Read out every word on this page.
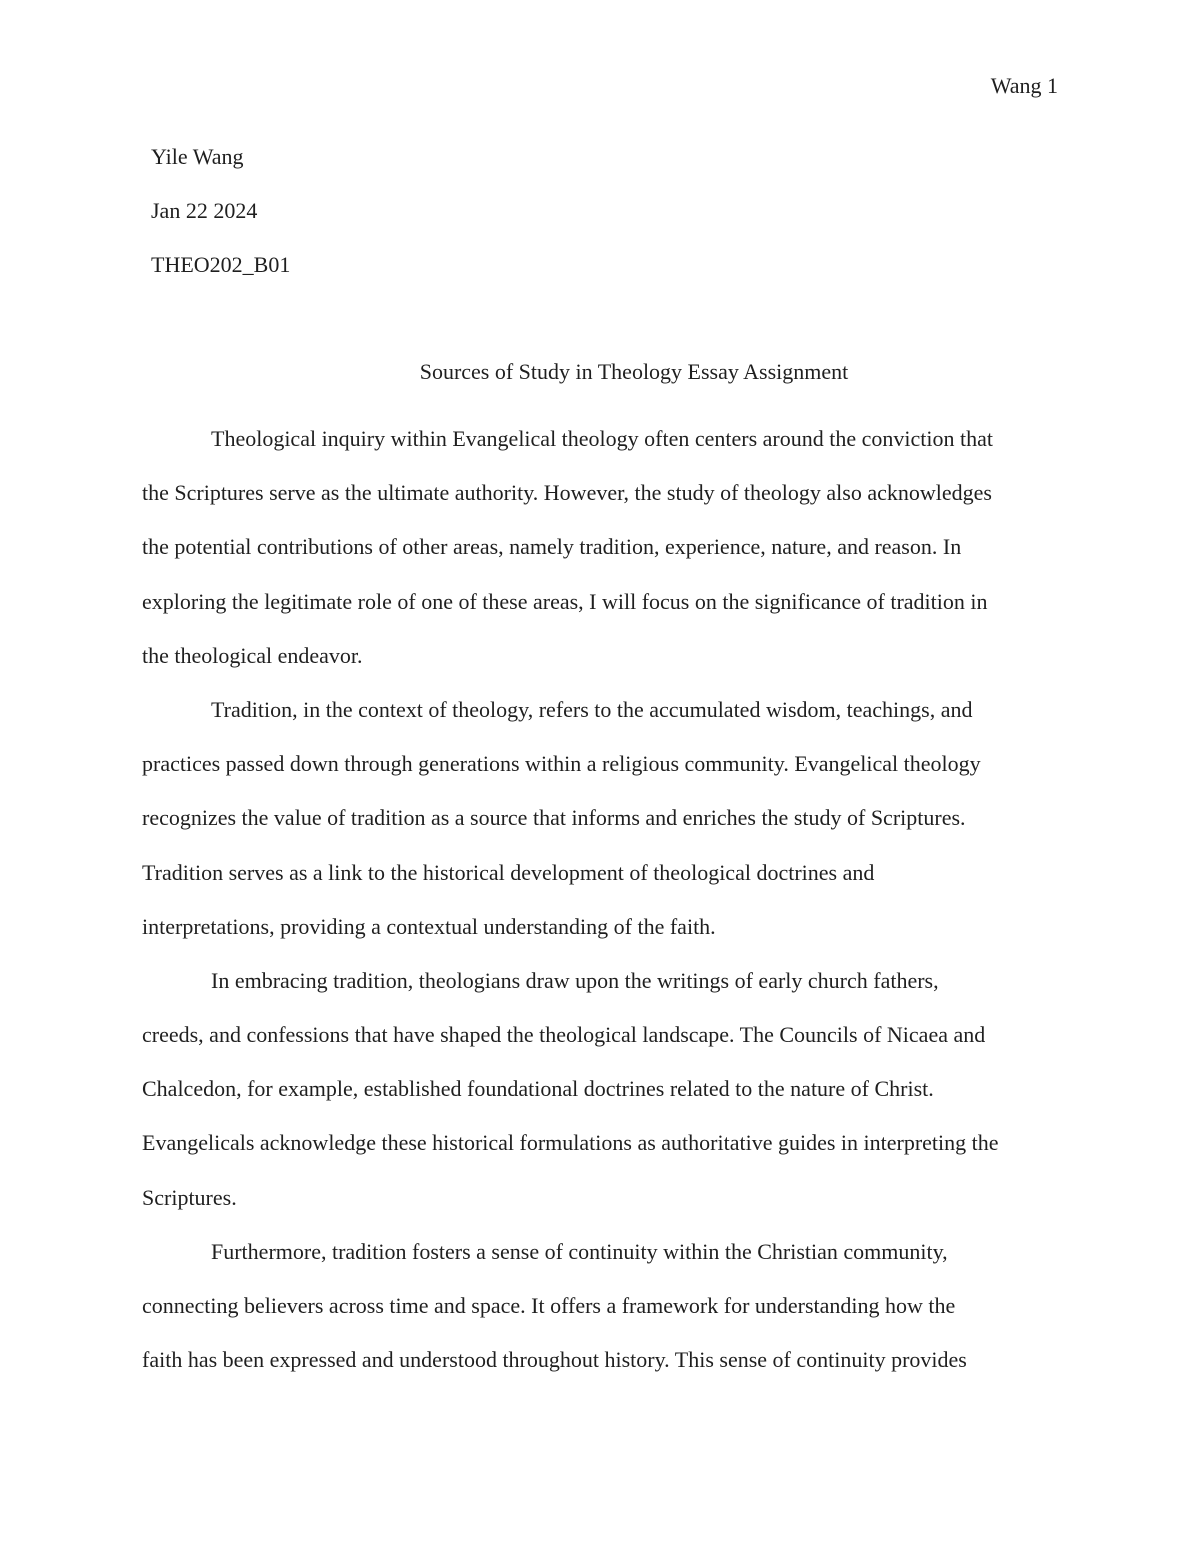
Wang 1
Yile Wang
Jan 22 2024
THEO202_B01
Sources of Study in Theology Essay Assignment
Theological inquiry within Evangelical theology often centers around the conviction that
the Scriptures serve as the ultimate authority. However, the study of theology also acknowledges
the potential contributions of other areas, namely tradition, experience, nature, and reason. In
exploring the legitimate role of one of these areas, I will focus on the significance of tradition in
the theological endeavor.
Tradition, in the context of theology, refers to the accumulated wisdom, teachings, and
practices passed down through generations within a religious community. Evangelical theology
recognizes the value of tradition as a source that informs and enriches the study of Scriptures.
Tradition serves as a link to the historical development of theological doctrines and
interpretations, providing a contextual understanding of the faith.
In embracing tradition, theologians draw upon the writings of early church fathers,
creeds, and confessions that have shaped the theological landscape. The Councils of Nicaea and
Chalcedon, for example, established foundational doctrines related to the nature of Christ.
Evangelicals acknowledge these historical formulations as authoritative guides in interpreting the
Scriptures.
Furthermore, tradition fosters a sense of continuity within the Christian community,
connecting believers across time and space. It offers a framework for understanding how the
faith has been expressed and understood throughout history. This sense of continuity provides
